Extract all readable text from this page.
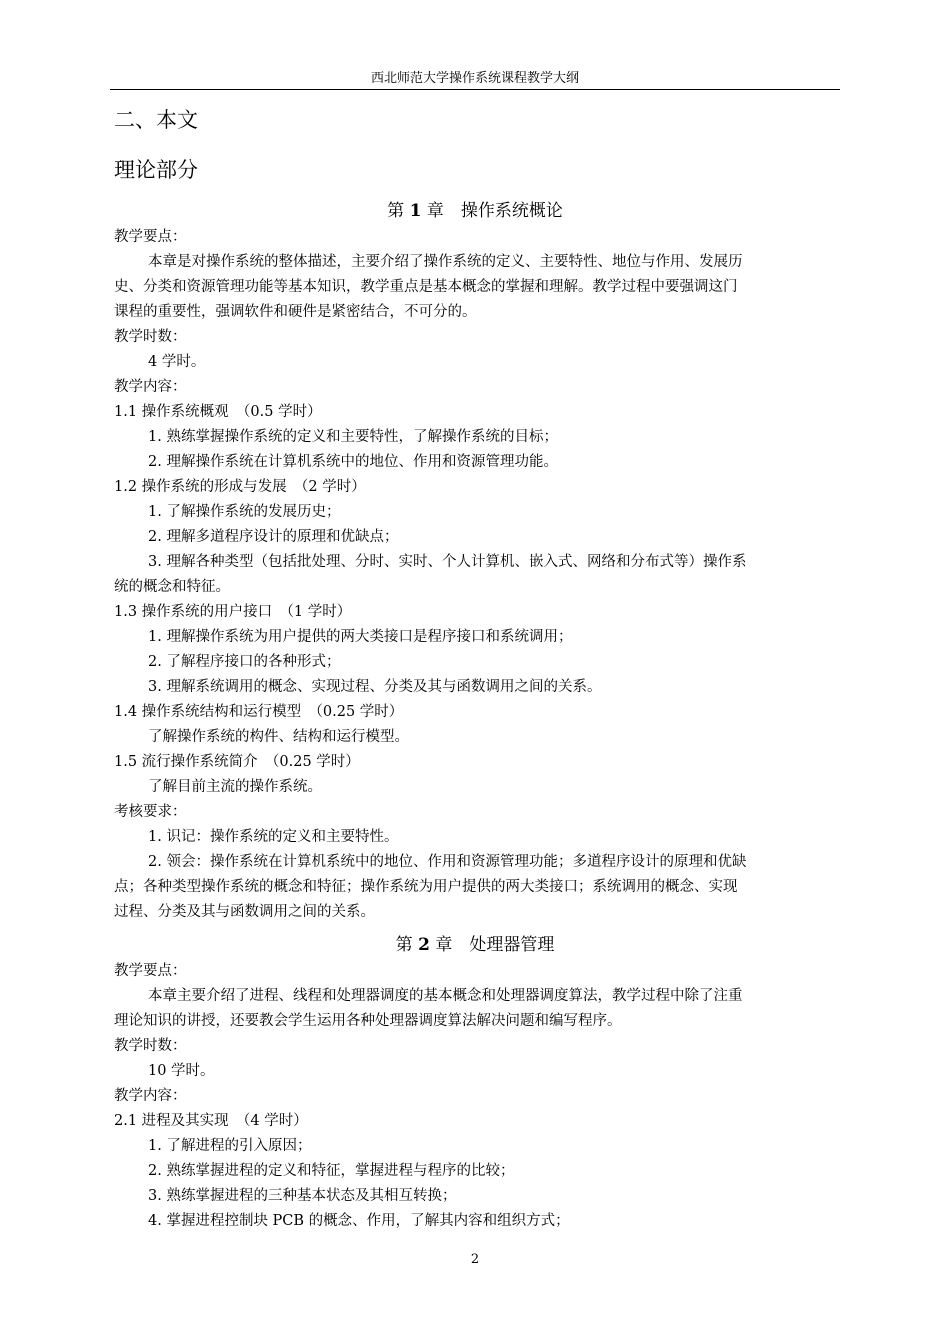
西北师范大学操作系统课程教学大纲
二、本文
理论部分
第 1 章　操作系统概论
教学要点：
本章是对操作系统的整体描述，主要介绍了操作系统的定义、主要特性、地位与作用、发展历
史、分类和资源管理功能等基本知识，教学重点是基本概念的掌握和理解。教学过程中要强调这门
课程的重要性，强调软件和硬件是紧密结合，不可分的。
教学时数：
4 学时。
教学内容：
1.1 操作系统概观　（0.5 学时）
1. 熟练掌握操作系统的定义和主要特性，了解操作系统的目标；
2. 理解操作系统在计算机系统中的地位、作用和资源管理功能。
1.2 操作系统的形成与发展　（2 学时）
1. 了解操作系统的发展历史；
2. 理解多道程序设计的原理和优缺点；
3. 理解各种类型（包括批处理、分时、实时、个人计算机、嵌入式、网络和分布式等）操作系
统的概念和特征。
1.3 操作系统的用户接口　（1 学时）
1. 理解操作系统为用户提供的两大类接口是程序接口和系统调用；
2. 了解程序接口的各种形式；
3. 理解系统调用的概念、实现过程、分类及其与函数调用之间的关系。
1.4 操作系统结构和运行模型　（0.25 学时）
了解操作系统的构件、结构和运行模型。
1.5 流行操作系统简介　（0.25 学时）
了解目前主流的操作系统。
考核要求：
1. 识记：操作系统的定义和主要特性。
2. 领会：操作系统在计算机系统中的地位、作用和资源管理功能；多道程序设计的原理和优缺
点；各种类型操作系统的概念和特征；操作系统为用户提供的两大类接口；系统调用的概念、实现
过程、分类及其与函数调用之间的关系。
第 2 章　处理器管理
教学要点：
本章主要介绍了进程、线程和处理器调度的基本概念和处理器调度算法，教学过程中除了注重
理论知识的讲授，还要教会学生运用各种处理器调度算法解决问题和编写程序。
教学时数：
10 学时。
教学内容：
2.1 进程及其实现　（4 学时）
1. 了解进程的引入原因；
2. 熟练掌握进程的定义和特征，掌握进程与程序的比较；
3. 熟练掌握进程的三种基本状态及其相互转换；
4. 掌握进程控制块 PCB 的概念、作用，了解其内容和组织方式；
2
